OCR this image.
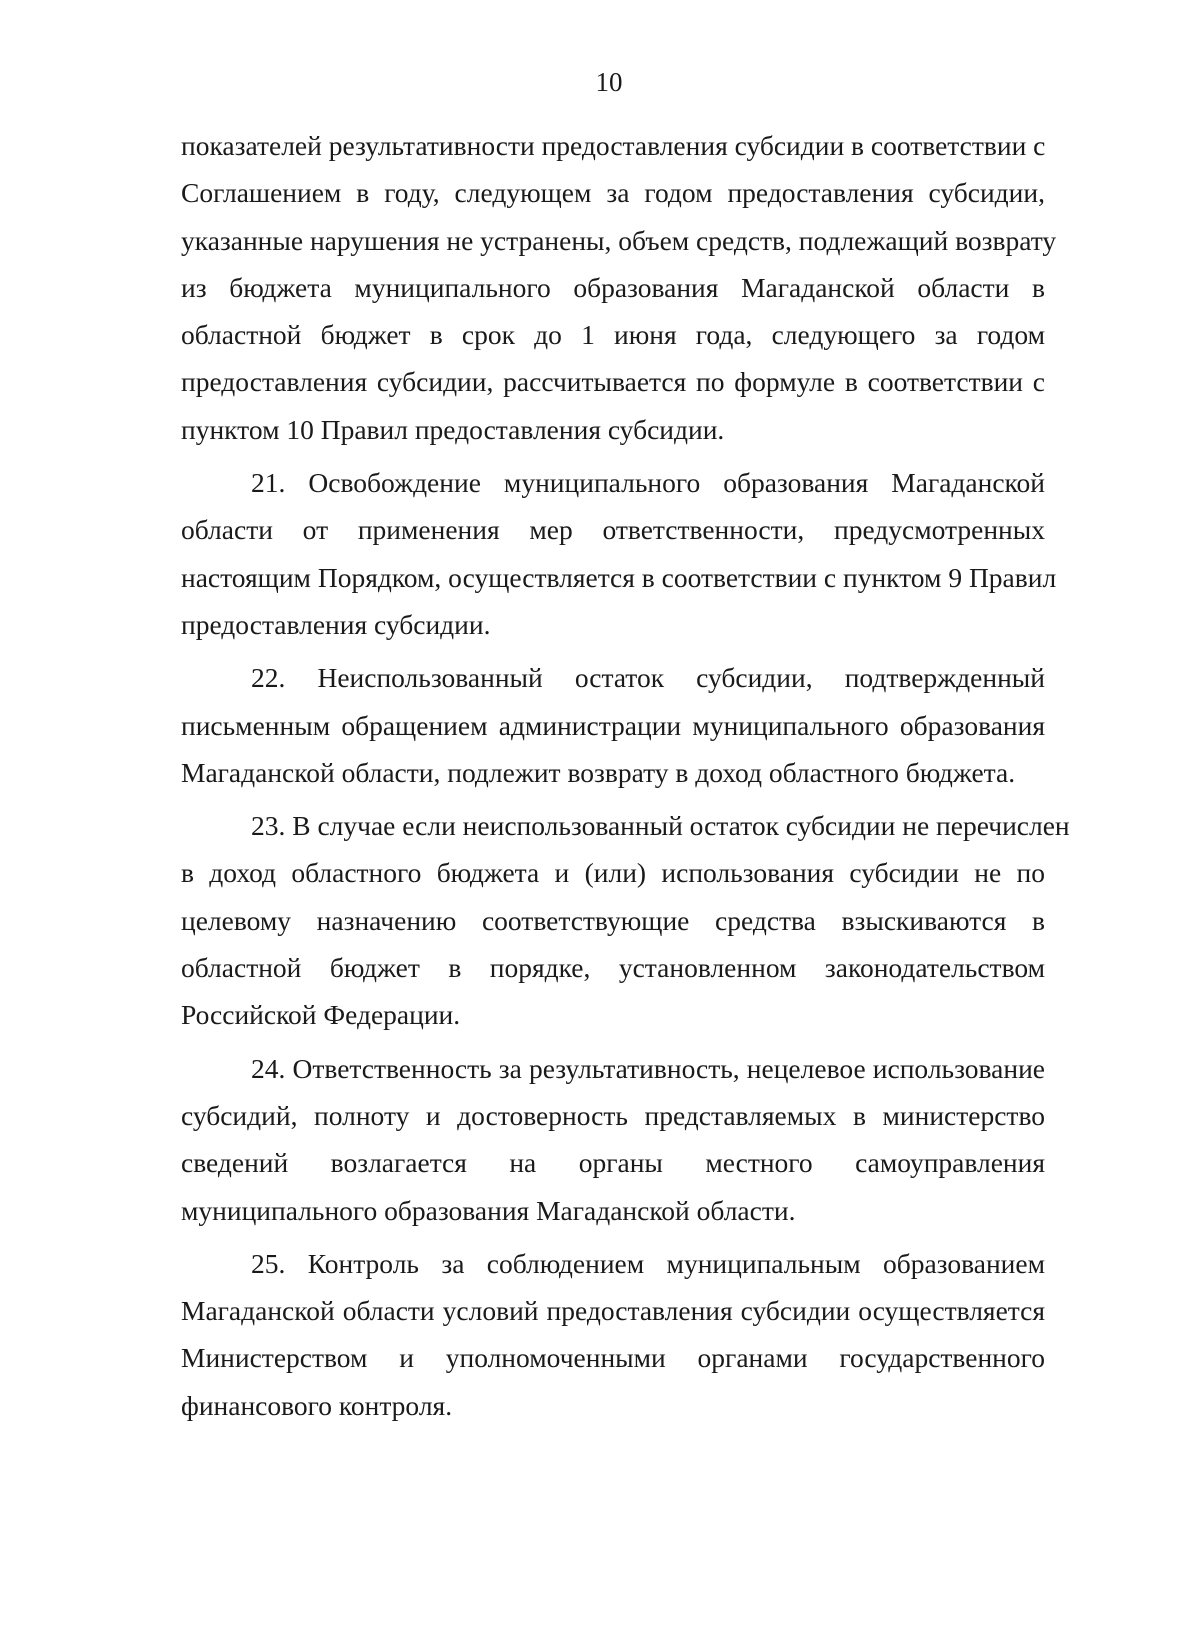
10
показателей результативности предоставления субсидии в соответствии с
Соглашением в году, следующем за годом предоставления субсидии,
указанные нарушения не устранены, объем средств, подлежащий возврату
из бюджета муниципального образования Магаданской области в
областной бюджет в срок до 1 июня года, следующего за годом
предоставления субсидии, рассчитывается по формуле в соответствии с
пунктом 10 Правил предоставления субсидии.
21. Освобождение муниципального образования Магаданской
области от применения мер ответственности, предусмотренных
настоящим Порядком, осуществляется в соответствии с пунктом 9 Правил
предоставления субсидии.
22. Неиспользованный остаток субсидии, подтвержденный
письменным обращением администрации муниципального образования
Магаданской области, подлежит возврату в доход областного бюджета.
23. В случае если неиспользованный остаток субсидии не перечислен
в доход областного бюджета и (или) использования субсидии не по
целевому назначению соответствующие средства взыскиваются в
областной бюджет в порядке, установленном законодательством
Российской Федерации.
24. Ответственность за результативность, нецелевое использование
субсидий, полноту и достоверность представляемых в министерство
сведений возлагается на органы местного самоуправления
муниципального образования Магаданской области.
25. Контроль за соблюдением муниципальным образованием
Магаданской области условий предоставления субсидии осуществляется
Министерством и уполномоченными органами государственного
финансового контроля.
